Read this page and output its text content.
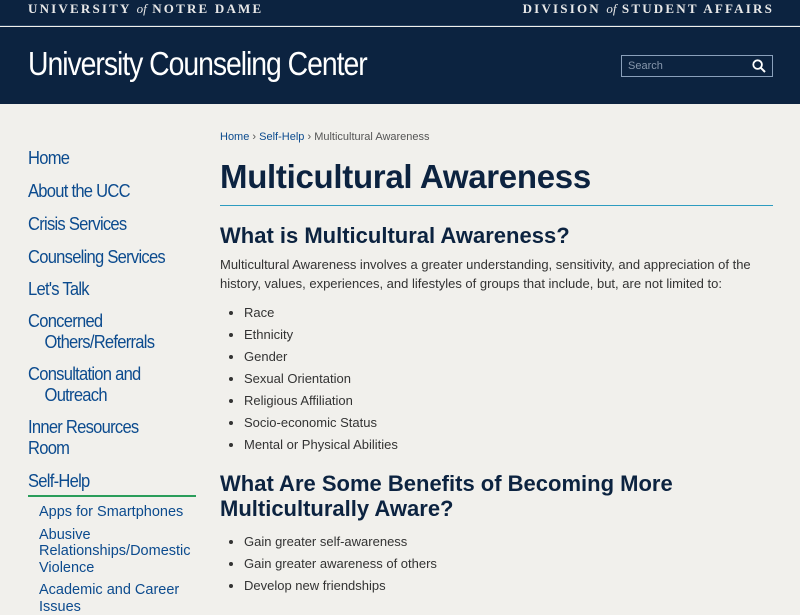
UNIVERSITY of NOTRE DAME	DIVISION of STUDENT AFFAIRS
University Counseling Center
Search
Home
About the UCC
Crisis Services
Counseling Services
Let's Talk
Concerned
Others/Referrals
Consultation and
Outreach
Inner Resources Room
Self-Help
Apps for Smartphones
Abusive
Relationships/Domestic
Violence
Academic and Career
Issues
Home › Self-Help › Multicultural Awareness
Multicultural Awareness
What is Multicultural Awareness?

Multicultural Awareness involves a greater understanding, sensitivity, and appreciation of the history, values, experiences, and lifestyles of groups that include, but, are not limited to:

• Race
• Ethnicity
• Gender
• Sexual Orientation
• Religious Affiliation
• Socio-economic Status
• Mental or Physical Abilities
What Are Some Benefits of Becoming More Multiculturally Aware?
• Gain greater self-awareness
• Gain greater awareness of others
• Develop new friendships
